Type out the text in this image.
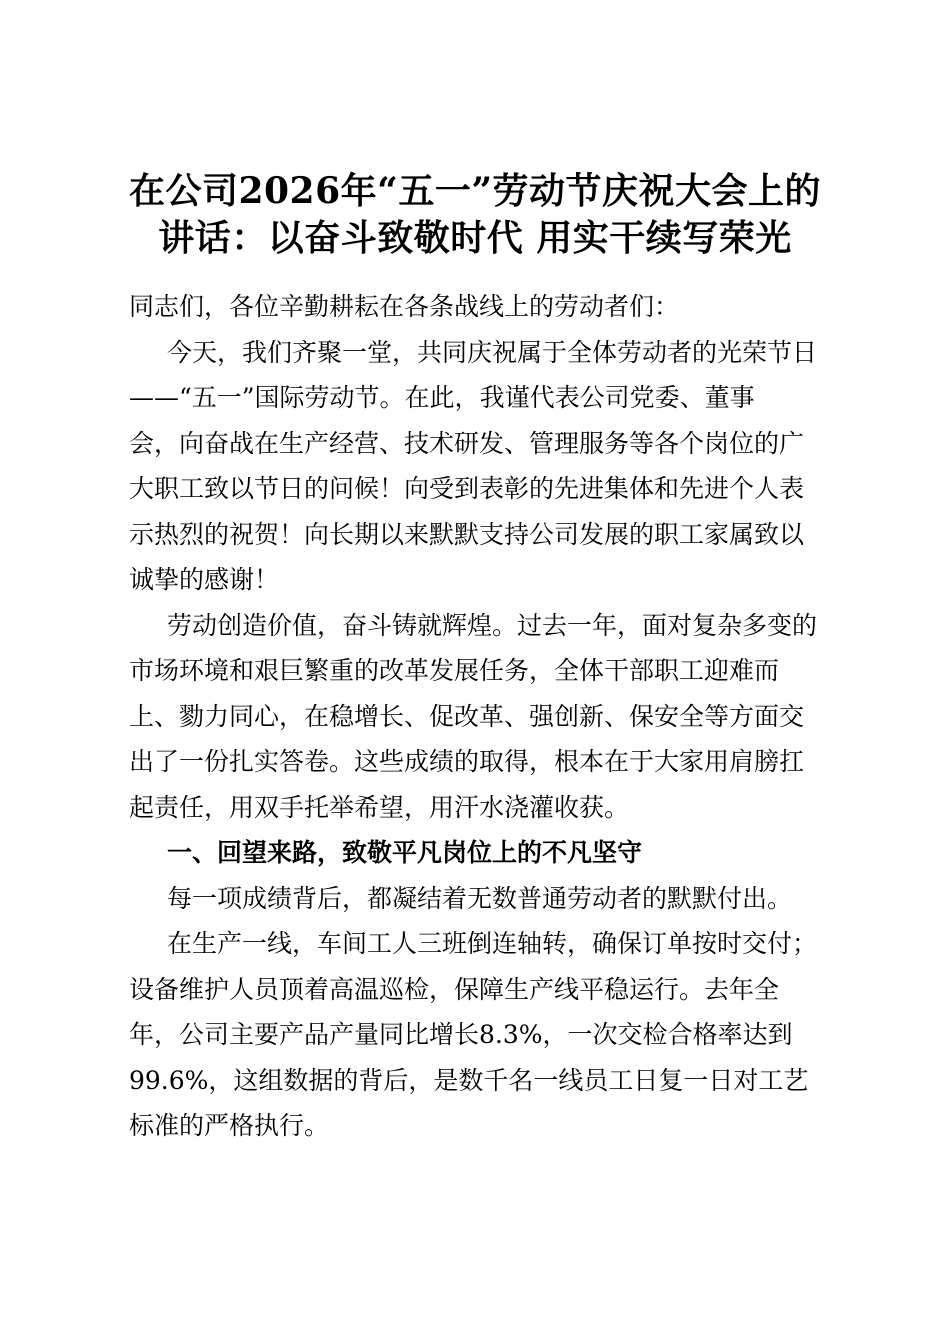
在公司2026年“五一”劳动节庆祝大会上的
讲话：以奋斗致敬时代 用实干续写荣光
同志们，各位辛勤耕耘在各条战线上的劳动者们：
今天，我们齐聚一堂，共同庆祝属于全体劳动者的光荣节日
——“五一”国际劳动节。在此，我谨代表公司党委、董事
会，向奋战在生产经营、技术研发、管理服务等各个岗位的广
大职工致以节日的问候！向受到表彰的先进集体和先进个人表
示热烈的祝贺！向长期以来默默支持公司发展的职工家属致以
诚挚的感谢！
劳动创造价值，奋斗铸就辉煌。过去一年，面对复杂多变的
市场环境和艰巨繁重的改革发展任务，全体干部职工迎难而
上、勠力同心，在稳增长、促改革、强创新、保安全等方面交
出了一份扎实答卷。这些成绩的取得，根本在于大家用肩膀扛
起责任，用双手托举希望，用汗水浇灌收获。
一、回望来路，致敬平凡岗位上的不凡坚守
每一项成绩背后，都凝结着无数普通劳动者的默默付出。
在生产一线，车间工人三班倒连轴转，确保订单按时交付；
设备维护人员顶着高温巡检，保障生产线平稳运行。去年全
年，公司主要产品产量同比增长8.3%，一次交检合格率达到
99.6%，这组数据的背后，是数千名一线员工日复一日对工艺
标准的严格执行。
